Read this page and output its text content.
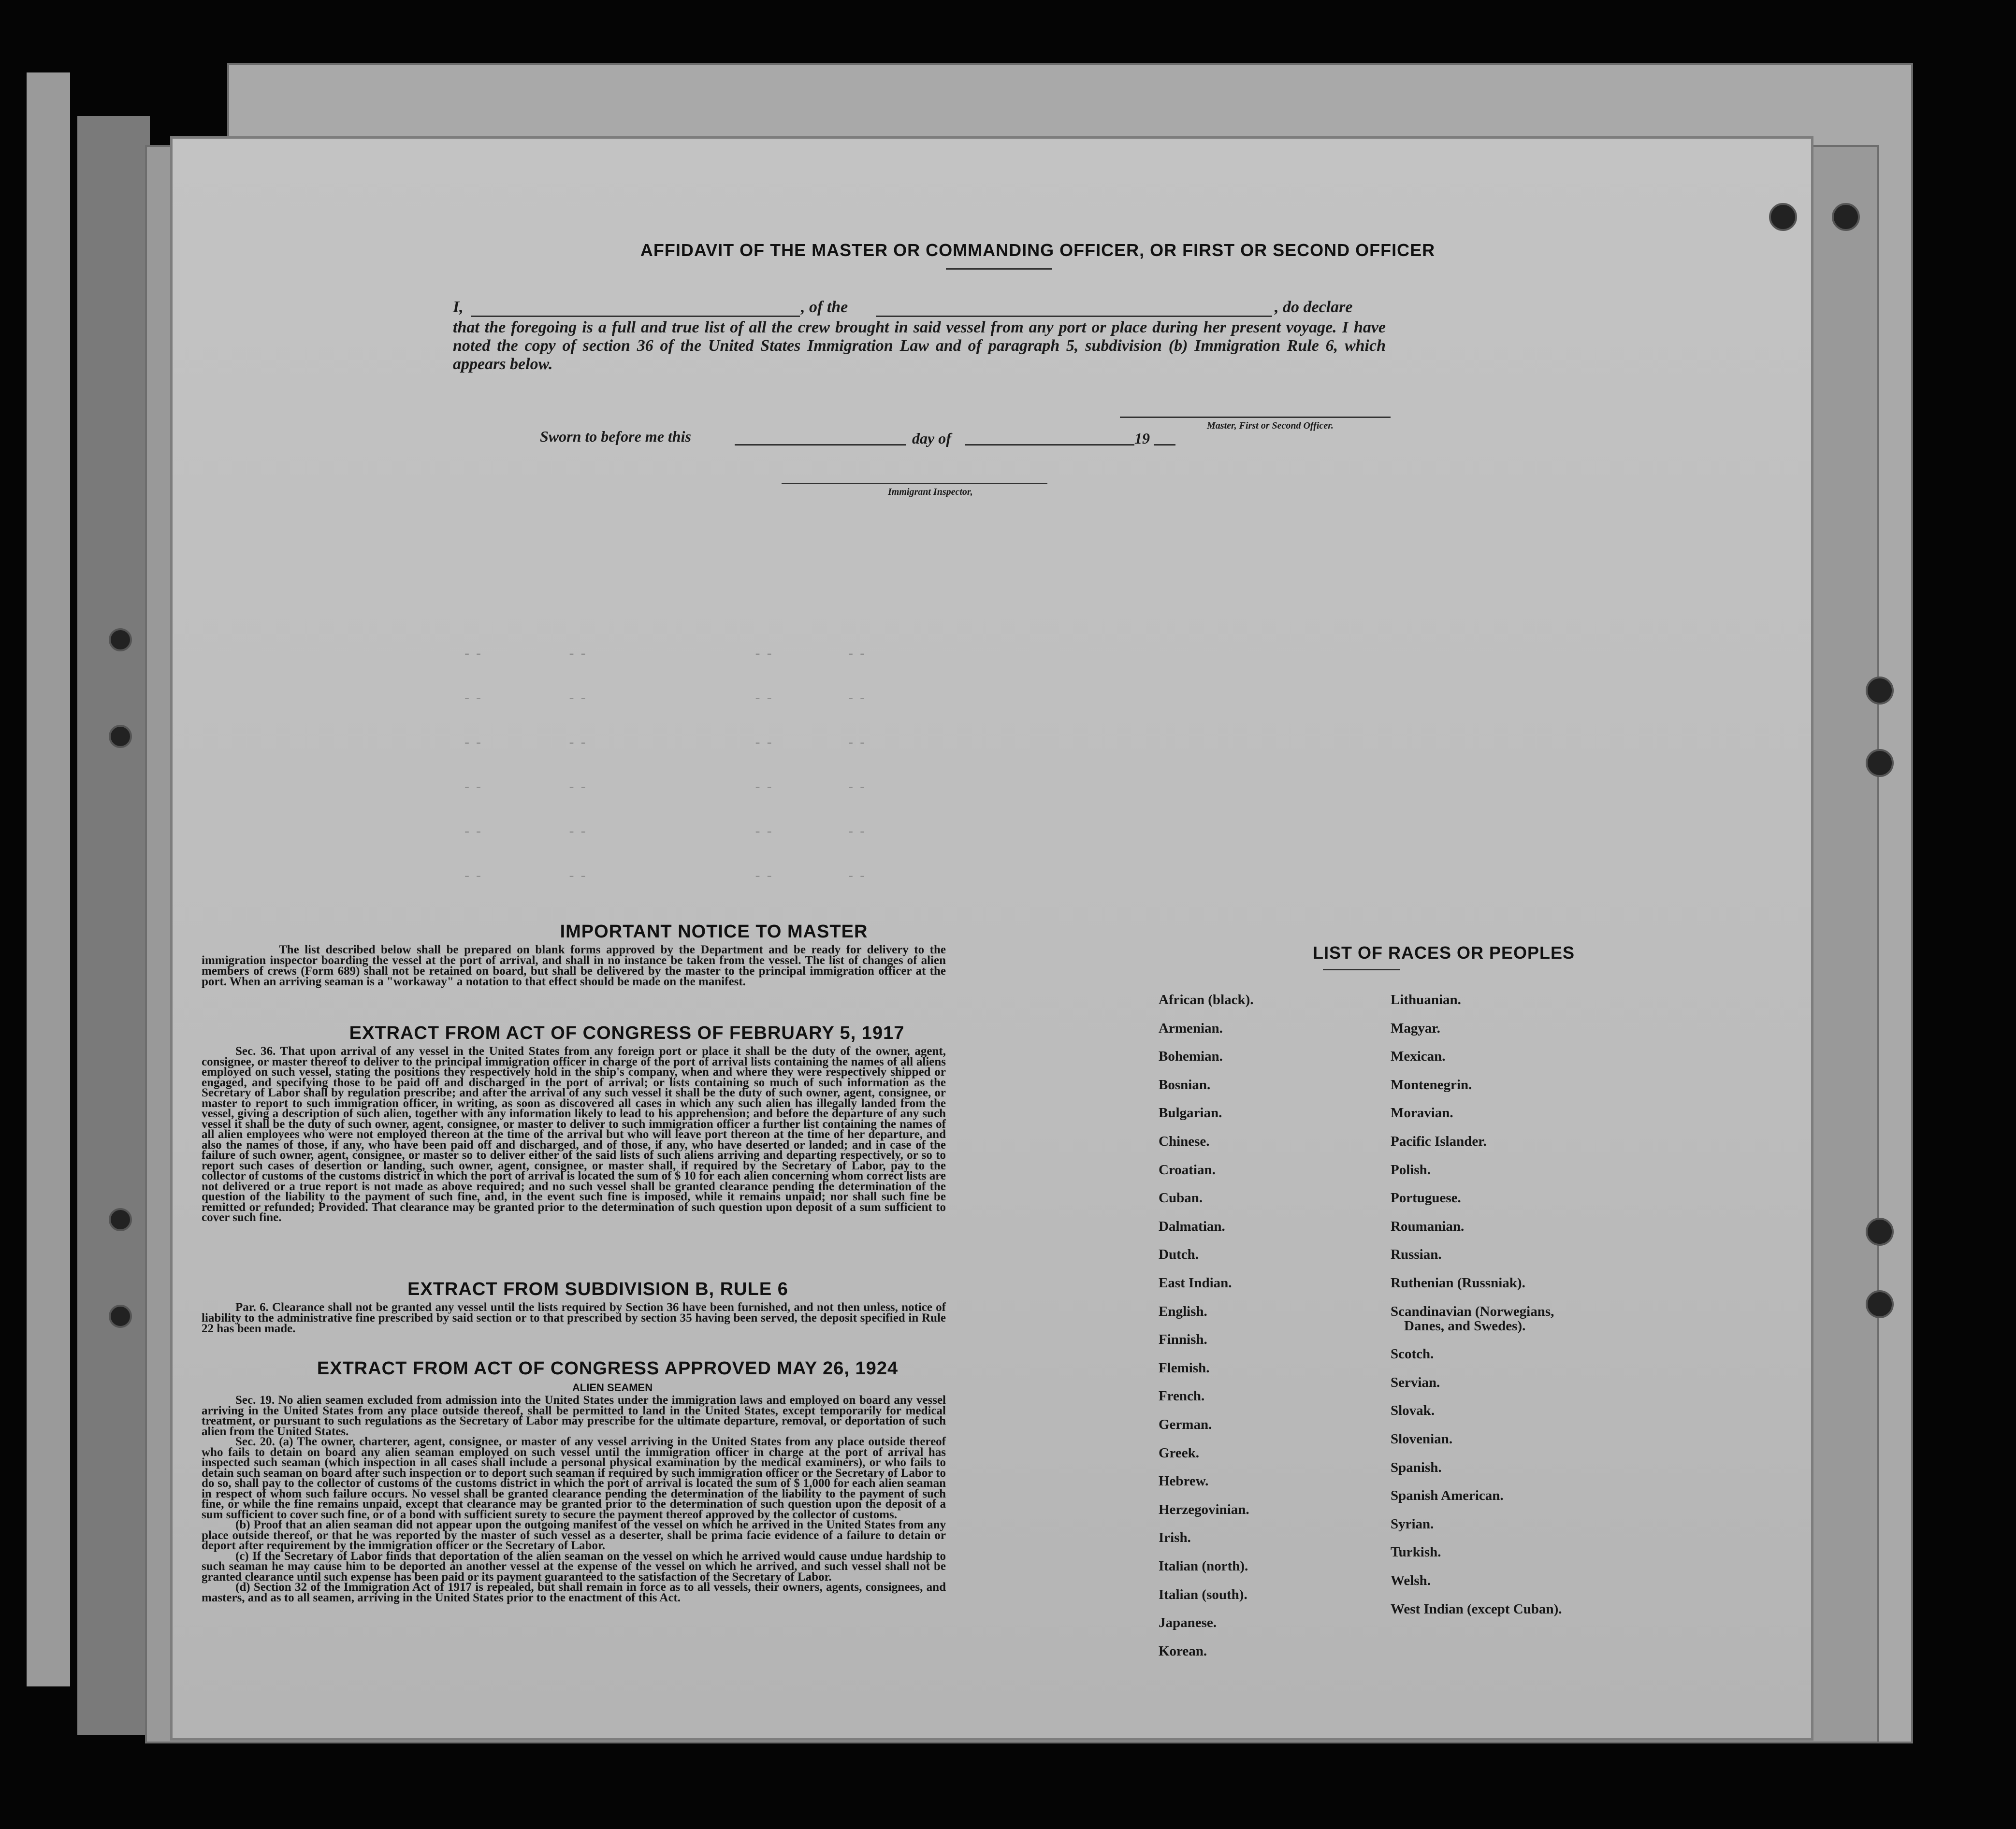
‑‑       ‑‑              ‑‑      ‑‑
‑‑       ‑‑              ‑‑      ‑‑
‑‑       ‑‑              ‑‑      ‑‑
‑‑       ‑‑              ‑‑      ‑‑
‑‑       ‑‑              ‑‑      ‑‑
‑‑       ‑‑              ‑‑      ‑‑
AFFIDAVIT OF THE MASTER OR COMMANDING OFFICER, OR FIRST OR SECOND OFFICER
I,	, of the	, do declare
that the foregoing is a full and true list of all the crew brought in said vessel from any port or place during her present voyage. I have noted the copy of section 36 of the United States Immigration Law and of paragraph 5, subdivision (b) Immigration Rule 6, which appears below.
Master, First or Second Officer.
Sworn to before me this	day of	19
Immigrant Inspector,
IMPORTANT NOTICE TO MASTER
The list described below shall be prepared on blank forms approved by the Department and be ready for delivery to the immigration inspector boarding the vessel at the port of arrival, and shall in no instance be taken from the vessel. The list of changes of alien members of crews (Form 689) shall not be retained on board, but shall be delivered by the master to the principal immigration officer at the port. When an arriving seaman is a "workaway" a notation to that effect should be made on the manifest.
EXTRACT FROM ACT OF CONGRESS OF FEBRUARY 5, 1917
Sec. 36. That upon arrival of any vessel in the United States from any foreign port or place it shall be the duty of the owner, agent, consignee, or master thereof to deliver to the principal immigration officer in charge of the port of arrival lists containing the names of all aliens employed on such vessel, stating the positions they respectively hold in the ship's company, when and where they were respectively shipped or engaged, and specifying those to be paid off and discharged in the port of arrival; or lists containing so much of such information as the Secretary of Labor shall by regulation prescribe; and after the arrival of any such vessel it shall be the duty of such owner, agent, consignee, or master to report to such immigration officer, in writing, as soon as discovered all cases in which any such alien has illegally landed from the vessel, giving a description of such alien, together with any information likely to lead to his apprehension; and before the departure of any such vessel it shall be the duty of such owner, agent, consignee, or master to deliver to such immigration officer a further list containing the names of all alien employees who were not employed thereon at the time of the arrival but who will leave port thereon at the time of her departure, and also the names of those, if any, who have been paid off and discharged, and of those, if any, who have deserted or landed; and in case of the failure of such owner, agent, consignee, or master so to deliver either of the said lists of such aliens arriving and departing respectively, or so to report such cases of desertion or landing, such owner, agent, consignee, or master shall, if required by the Secretary of Labor, pay to the collector of customs of the customs district in which the port of arrival is located the sum of $ 10 for each alien concerning whom correct lists are not delivered or a true report is not made as above required; and no such vessel shall be granted clearance pending the determination of the question of the liability to the payment of such fine, and, in the event such fine is imposed, while it remains unpaid; nor shall such fine be remitted or refunded; Provided. That clearance may be granted prior to the determination of such question upon deposit of a sum sufficient to cover such fine.
EXTRACT FROM SUBDIVISION B, RULE 6
Par. 6. Clearance shall not be granted any vessel until the lists required by Section 36 have been furnished, and not then unless, notice of liability to the administrative fine prescribed by said section or to that prescribed by section 35 having been served, the deposit specified in Rule 22 has been made.
EXTRACT FROM ACT OF CONGRESS APPROVED MAY 26, 1924
ALIEN SEAMEN
Sec. 19. No alien seamen excluded from admission into the United States under the immigration laws and employed on board any vessel arriving in the United States from any place outside thereof, shall be permitted to land in the United States, except temporarily for medical treatment, or pursuant to such regulations as the Secretary of Labor may prescribe for the ultimate departure, removal, or deportation of such alien from the United States.
Sec. 20. (a) The owner, charterer, agent, consignee, or master of any vessel arriving in the United States from any place outside thereof who fails to detain on board any alien seaman employed on such vessel until the immigration officer in charge at the port of arrival has inspected such seaman (which inspection in all cases shall include a personal physical examination by the medical examiners), or who fails to detain such seaman on board after such inspection or to deport such seaman if required by such immigration officer or the Secretary of Labor to do so, shall pay to the collector of customs of the customs district in which the port of arrival is located the sum of $ 1,000 for each alien seaman in respect of whom such failure occurs. No vessel shall be granted clearance pending the determination of the liability to the payment of such fine, or while the fine remains unpaid, except that clearance may be granted prior to the determination of such question upon the deposit of a sum sufficient to cover such fine, or of a bond with sufficient surety to secure the payment thereof approved by the collector of customs.
(b) Proof that an alien seaman did not appear upon the outgoing manifest of the vessel on which he arrived in the United States from any place outside thereof, or that he was reported by the master of such vessel as a deserter, shall be prima facie evidence of a failure to detain or deport after requirement by the immigration officer or the Secretary of Labor.
(c) If the Secretary of Labor finds that deportation of the alien seaman on the vessel on which he arrived would cause undue hardship to such seaman he may cause him to be deported an another vessel at the expense of the vessel on which he arrived, and such vessel shall not be granted clearance until such expense has been paid or its payment guaranteed to the satisfaction of the Secretary of Labor.
(d) Section 32 of the Immigration Act of 1917 is repealed, but shall remain in force as to all vessels, their owners, agents, consignees, and masters, and as to all seamen, arriving in the United States prior to the enactment of this Act.
LIST OF RACES OR PEOPLES
African (black).
Armenian.
Bohemian.
Bosnian.
Bulgarian.
Chinese.
Croatian.
Cuban.
Dalmatian.
Dutch.
East Indian.
English.
Finnish.
Flemish.
French.
German.
Greek.
Hebrew.
Herzegovinian.
Irish.
Italian (north).
Italian (south).
Japanese.
Korean.
Lithuanian.
Magyar.
Mexican.
Montenegrin.
Moravian.
Pacific Islander.
Polish.
Portuguese.
Roumanian.
Russian.
Ruthenian (Russniak).
Scandinavian (Norwegians,
Danes, and Swedes).
Scotch.
Servian.
Slovak.
Slovenian.
Spanish.
Spanish American.
Syrian.
Turkish.
Welsh.
West Indian (except Cuban).
